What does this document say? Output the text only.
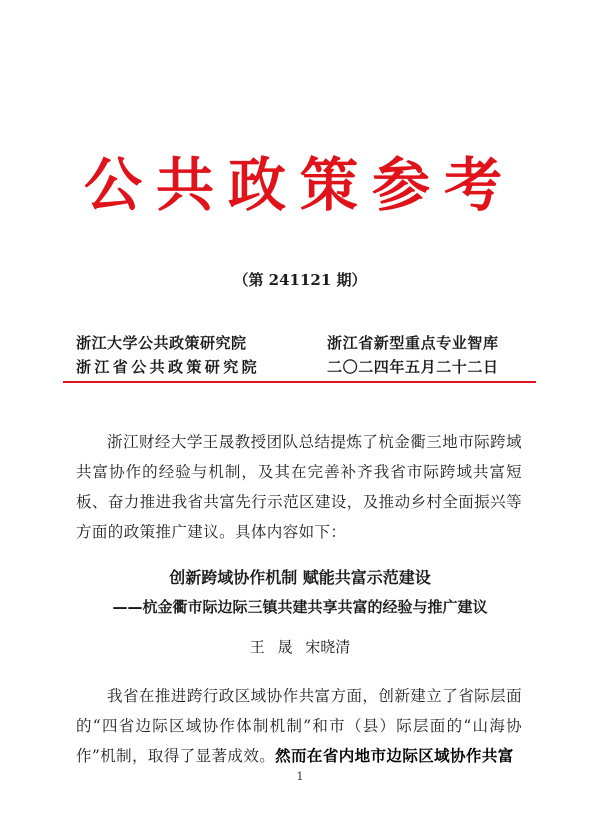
公共政策参考
（第 241121 期）
浙江大学公共政策研究院	浙江省新型重点专业智库
浙江省公共政策研究院	二〇二四年五月二十二日
浙江财经大学王晟教授团队总结提炼了杭金衢三地市际跨域共富协作的经验与机制，及其在完善补齐我省市际跨域共富短板、奋力推进我省共富先行示范区建设，及推动乡村全面振兴等方面的政策推广建议。具体内容如下：
创新跨域协作机制 赋能共富示范建设
——杭金衢市际边际三镇共建共享共富的经验与推广建议
王 晟 宋晓清
我省在推进跨行政区域协作共富方面，创新建立了省际层面的“四省边际区域协作体制机制”和市（县）际层面的“山海协作”机制，取得了显著成效。然而在省内地市边际区域协作共富
1
